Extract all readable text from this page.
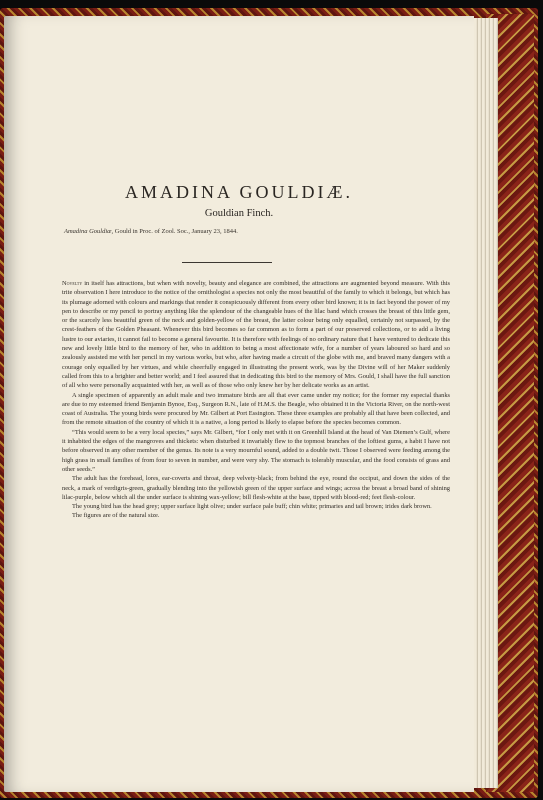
AMADINA GOULDIÆ.
Gouldian Finch.
Amadina Gouldiæ, Gould in Proc. of Zool. Soc., January 23, 1844.

Novelty in itself has attractions, but when with novelty, beauty and elegance are combined, the attractions are augmented beyond measure. With this trite observation I here introduce to the notice of the ornithologist a species not only the most beautiful of the family to which it belongs, but which has its plumage adorned with colours and markings that render it conspicuously different from every other bird known; it is in fact beyond the power of my pen to describe or my pencil to portray anything like the splendour of the changeable hues of the lilac band which crosses the breast of this little gem, or the scarcely less beautiful green of the neck and golden-yellow of the breast, the latter colour being only equalled, certainly not surpassed, by the crest-feathers of the Golden Pheasant. Whenever this bird becomes so far common as to form a part of our preserved collections, or to add a living lustre to our aviaries, it cannot fail to become a general favourite. It is therefore with feelings of no ordinary nature that I have ventured to dedicate this new and lovely little bird to the memory of her, who in addition to being a most affectionate wife, for a number of years laboured so hard and so zealously assisted me with her pencil in my various works, but who, after having made a circuit of the globe with me, and braved many dangers with a courage only equalled by her virtues, and while cheerfully engaged in illustrating the present work, was by the Divine will of her Maker suddenly called from this to a brighter and better world; and I feel assured that in dedicating this bird to the memory of Mrs. Gould, I shall have the full sanction of all who were personally acquainted with her, as well as of those who only knew her by her delicate works as an artist.

A single specimen of apparently an adult male and two immature birds are all that ever came under my notice; for the former my especial thanks are due to my esteemed friend Benjamin Bynoe, Esq., Surgeon R.N., late of H.M.S. the Beagle, who obtained it in the Victoria River, on the north-west coast of Australia. The young birds were procured by Mr. Gilbert at Port Essington. These three examples are probably all that have been collected, and from the remote situation of the country of which it is a native, a long period is likely to elapse before the species becomes common.

“This would seem to be a very local species,” says Mr. Gilbert, “for I only met with it on Greenhill Island at the head of Van Diemen’s Gulf, where it inhabited the edges of the mangroves and thickets: when disturbed it invariably flew to the topmost branches of the loftiest gums, a habit I have not before observed in any other member of the genus. Its note is a very mournful sound, added to a double twit. Those I observed were feeding among the high grass in small families of from four to seven in number, and were very shy. The stomach is tolerably muscular, and the food consists of grass and other seeds.”

The adult has the forehead, lores, ear-coverts and throat, deep velvety-black; from behind the eye, round the occiput, and down the sides of the neck, a mark of verdigris-green, gradually blending into the yellowish green of the upper surface and wings; across the breast a broad band of shining lilac-purple, below which all the under surface is shining wax-yellow; bill flesh-white at the base, tipped with blood-red; feet flesh-colour.

The young bird has the head grey; upper surface light olive; under surface pale buff; chin white; primaries and tail brown; irides dark brown.

The figures are of the natural size.
